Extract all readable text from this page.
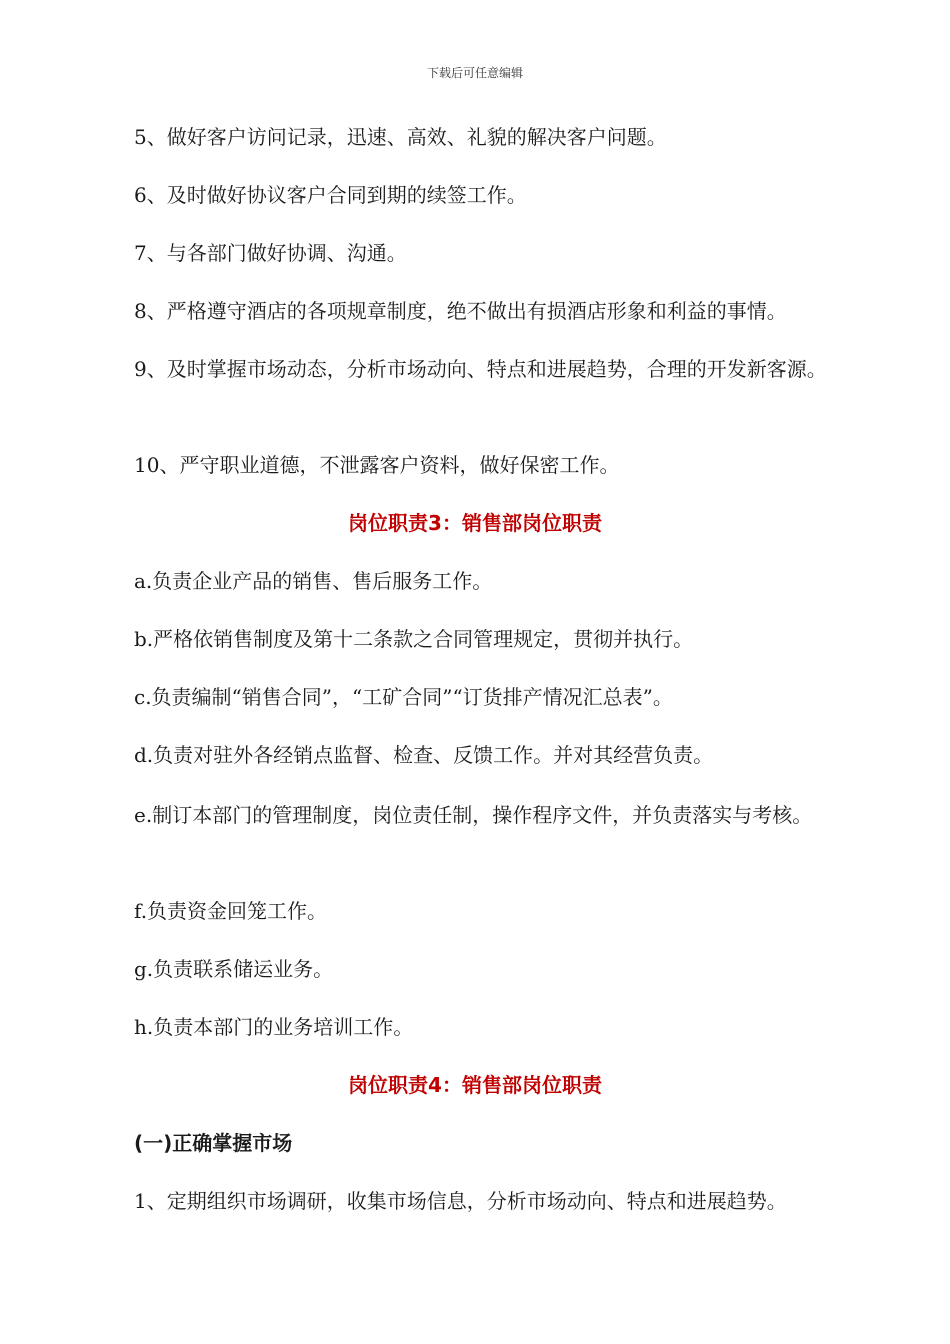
下载后可任意编辑
5、做好客户访问记录，迅速、高效、礼貌的解决客户问题。
6、及时做好协议客户合同到期的续签工作。
7、与各部门做好协调、沟通。
8、严格遵守酒店的各项规章制度，绝不做出有损酒店形象和利益的事情。
9、及时掌握市场动态，分析市场动向、特点和进展趋势，合理的开发新客源。
10、严守职业道德，不泄露客户资料，做好保密工作。
岗位职责3：销售部岗位职责
a.负责企业产品的销售、售后服务工作。
b.严格依销售制度及第十二条款之合同管理规定，贯彻并执行。
c.负责编制“销售合同”，“工矿合同”“订货排产情况汇总表”。
d.负责对驻外各经销点监督、检查、反馈工作。并对其经营负责。
e.制订本部门的管理制度，岗位责任制，操作程序文件，并负责落实与考核。
f.负责资金回笼工作。
g.负责联系储运业务。
h.负责本部门的业务培训工作。
岗位职责4：销售部岗位职责
(一)正确掌握市场
1、定期组织市场调研，收集市场信息，分析市场动向、特点和进展趋势。
